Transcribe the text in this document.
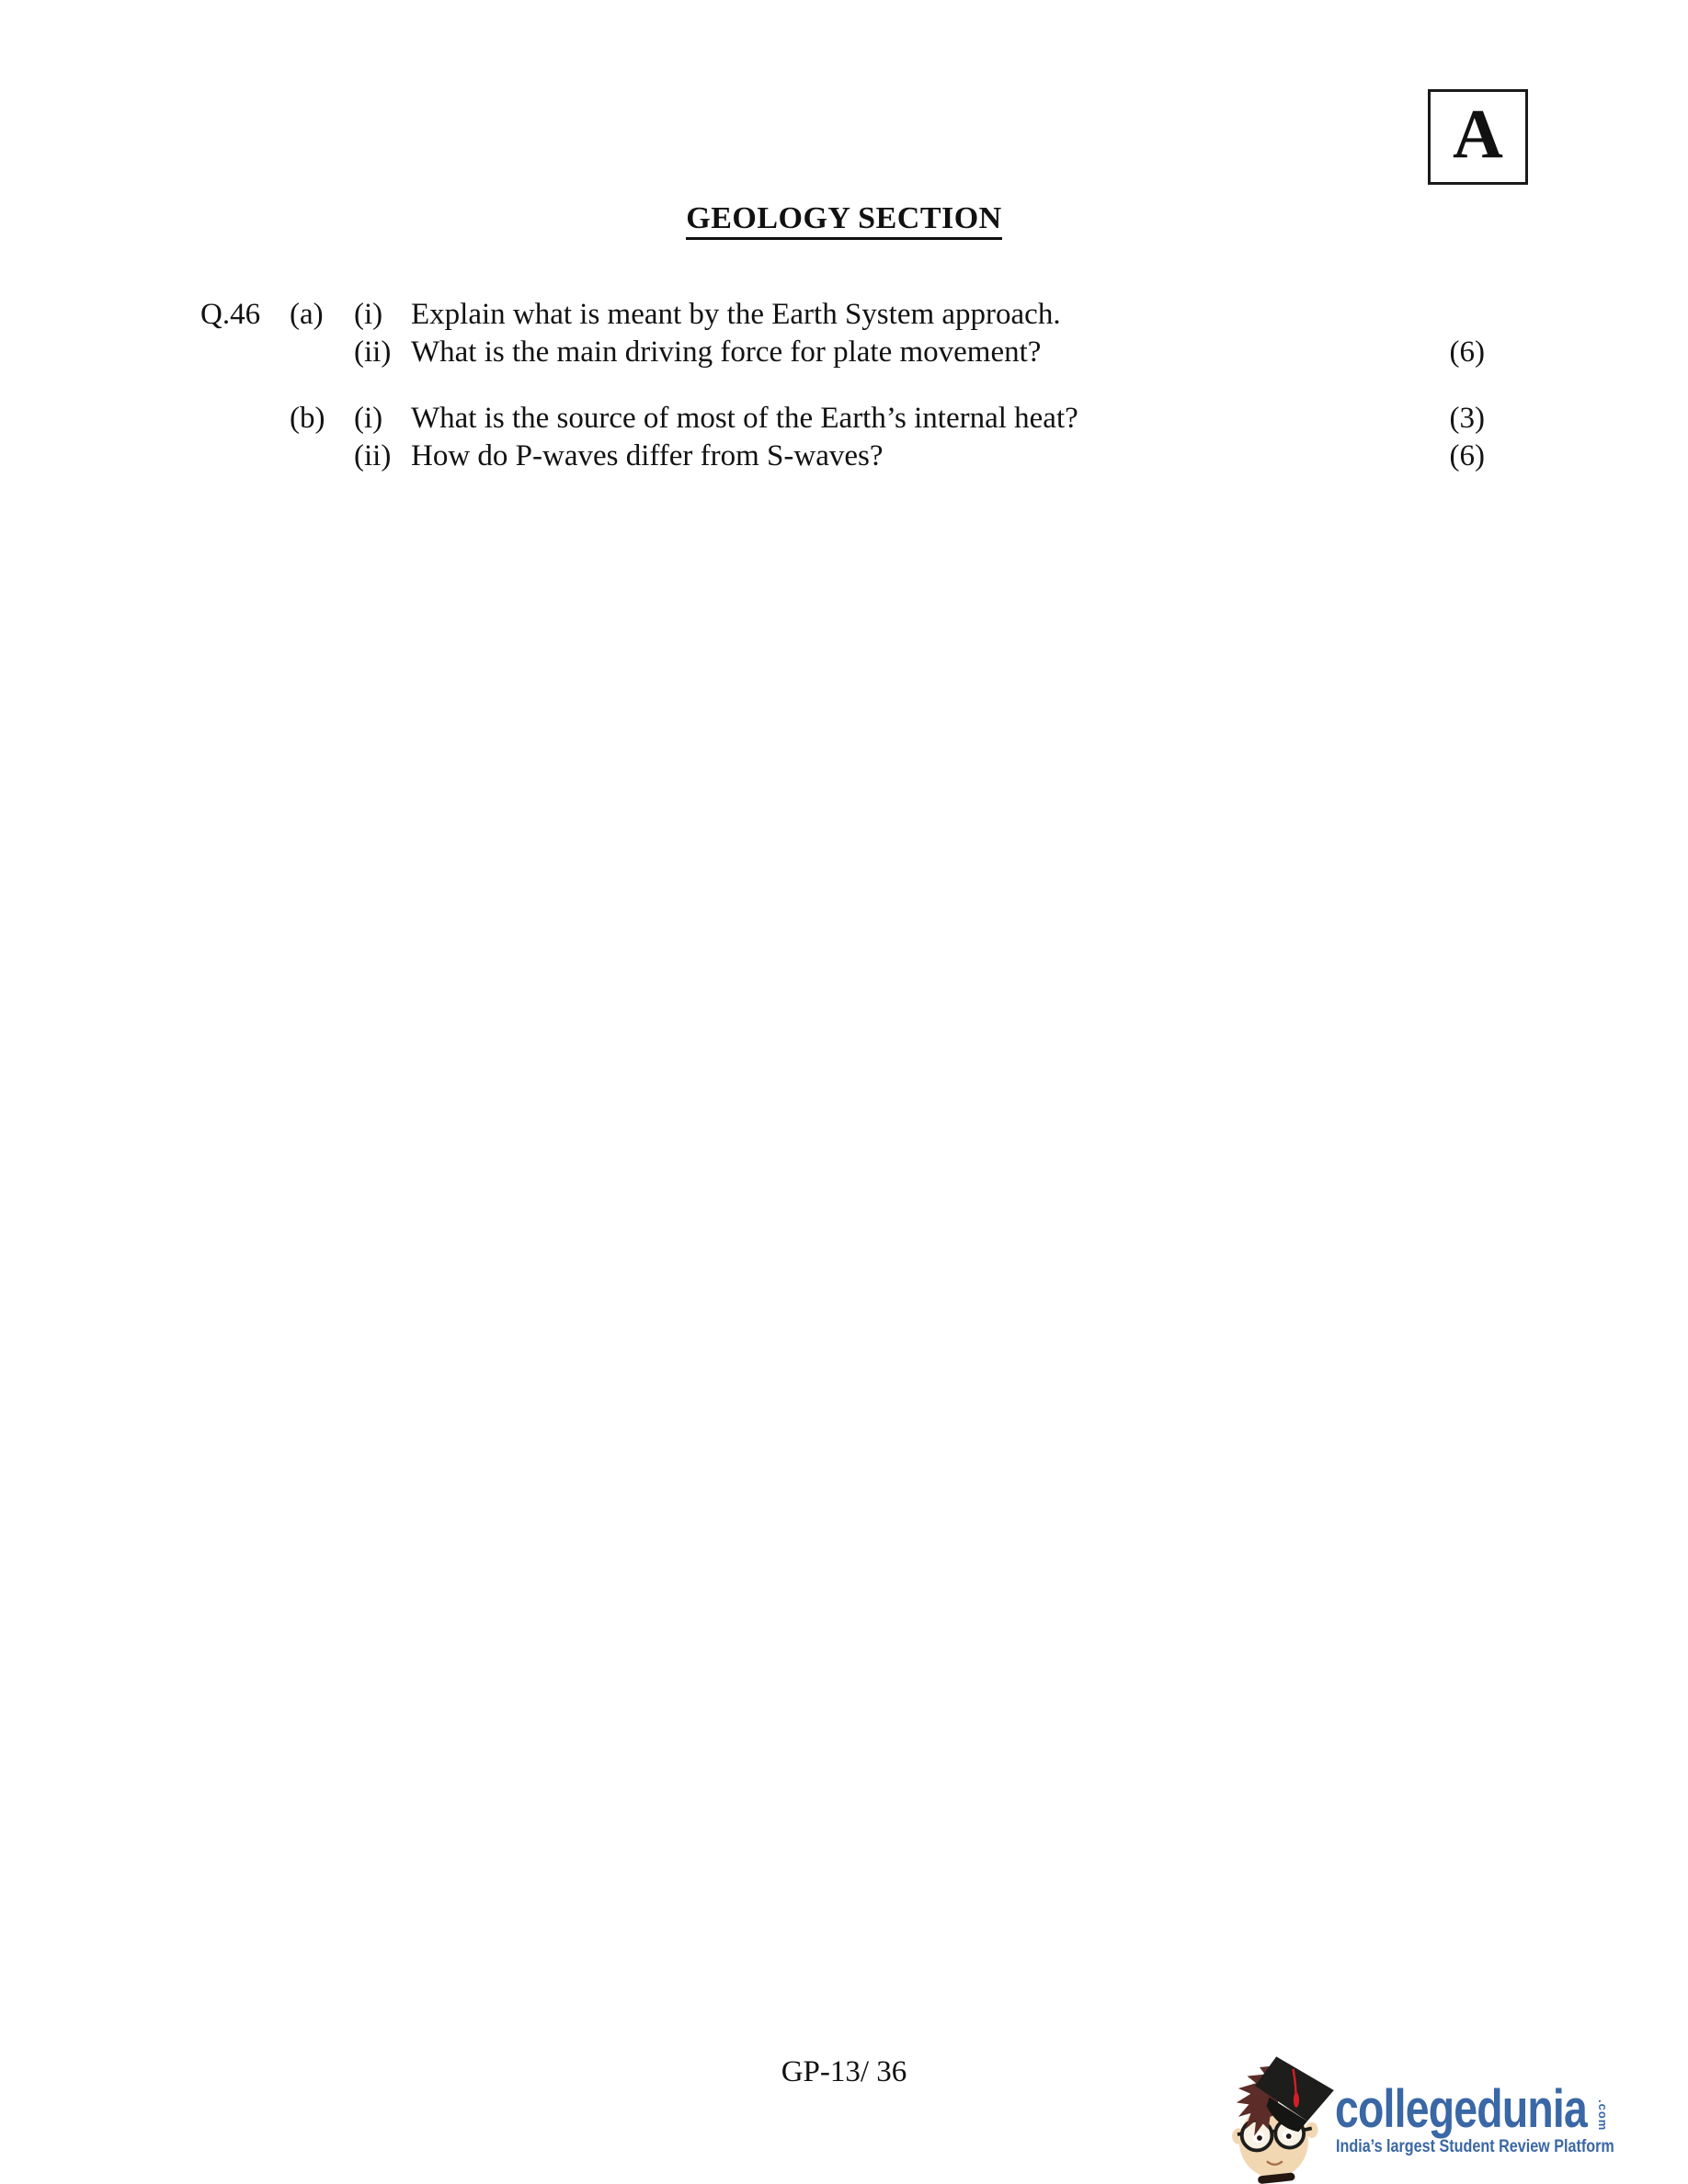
A
GEOLOGY SECTION
Q.46 (a) (i) Explain what is meant by the Earth System approach.
(ii) What is the main driving force for plate movement?	(6)
(b) (i) What is the source of most of the Earth’s internal heat?	(3)
(ii) How do P-waves differ from S-waves?	(6)
GP-13/ 36
collegedunia .com
India’s largest Student Review Platform
